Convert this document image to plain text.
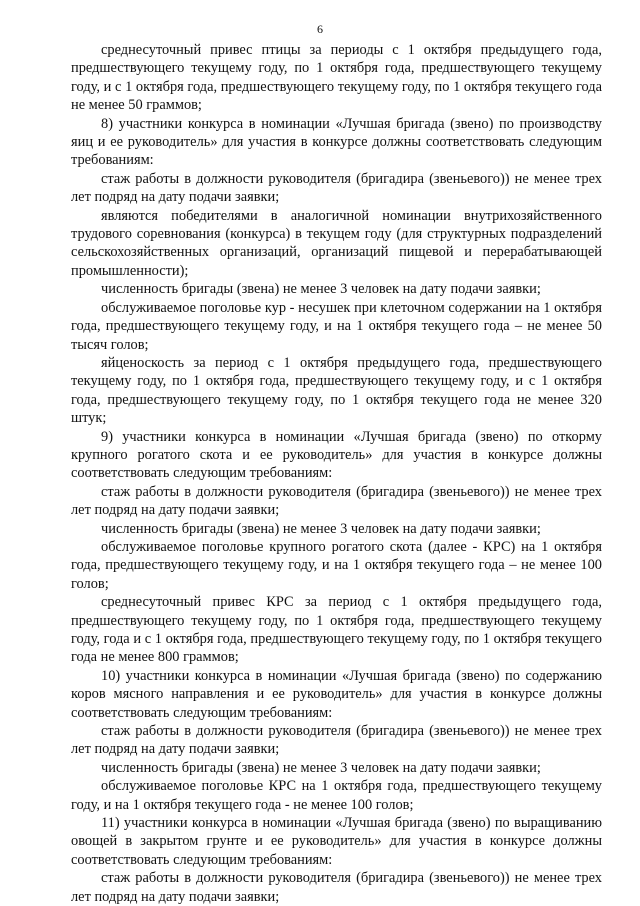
6

среднесуточный привес птицы за периоды с 1 октября предыдущего года, предшествующего текущему году, по 1 октября года, предшествующего текущему году, и с 1 октября года, предшествующего текущему году, по 1 октября текущего года не менее 50 граммов;

8) участники конкурса в номинации «Лучшая бригада (звено) по производству яиц и ее руководитель» для участия в конкурсе должны соответствовать следующим требованиям:

стаж работы в должности руководителя (бригадира (звеньевого)) не менее трех лет подряд на дату подачи заявки;

являются победителями в аналогичной номинации внутрихозяйственного трудового соревнования (конкурса) в текущем году (для структурных подразделений сельскохозяйственных организаций, организаций пищевой и перерабатывающей промышленности);

численность бригады (звена) не менее 3 человек на дату подачи заявки;

обслуживаемое поголовье кур - несушек при клеточном содержании на 1 октября года, предшествующего текущему году, и на 1 октября текущего года – не менее 50 тысяч голов;

яйценоскость за период с 1 октября предыдущего года, предшествующего текущему году, по 1 октября года, предшествующего текущему году, и с 1 октября года, предшествующего текущему году, по 1 октября текущего года не менее 320 штук;

9) участники конкурса в номинации «Лучшая бригада (звено) по откорму крупного рогатого скота и ее руководитель» для участия в конкурсе должны соответствовать следующим требованиям:

стаж работы в должности руководителя (бригадира (звеньевого)) не менее трех лет подряд на дату подачи заявки;

численность бригады (звена) не менее 3 человек на дату подачи заявки;

обслуживаемое поголовье крупного рогатого скота (далее - КРС) на 1 октября года, предшествующего текущему году, и на 1 октября текущего года – не менее 100 голов;

среднесуточный привес КРС за период с 1 октября предыдущего года, предшествующего текущему году, по 1 октября года, предшествующего текущему году, года и с 1 октября года, предшествующего текущему году, по 1 октября текущего года не менее 800 граммов;

10) участники конкурса в номинации «Лучшая бригада (звено) по содержанию коров мясного направления и ее руководитель» для участия в конкурсе должны соответствовать следующим требованиям:

стаж работы в должности руководителя (бригадира (звеньевого)) не менее трех лет подряд на дату подачи заявки;

численность бригады (звена) не менее 3 человек на дату подачи заявки;

обслуживаемое поголовье КРС на 1 октября года, предшествующего текущему году, и на 1 октября текущего года - не менее 100 голов;

11) участники конкурса в номинации «Лучшая бригада (звено) по выращиванию овощей в закрытом грунте и ее руководитель» для участия в конкурсе должны соответствовать следующим требованиям:

стаж работы в должности руководителя (бригадира (звеньевого)) не менее трех лет подряд на дату подачи заявки;
